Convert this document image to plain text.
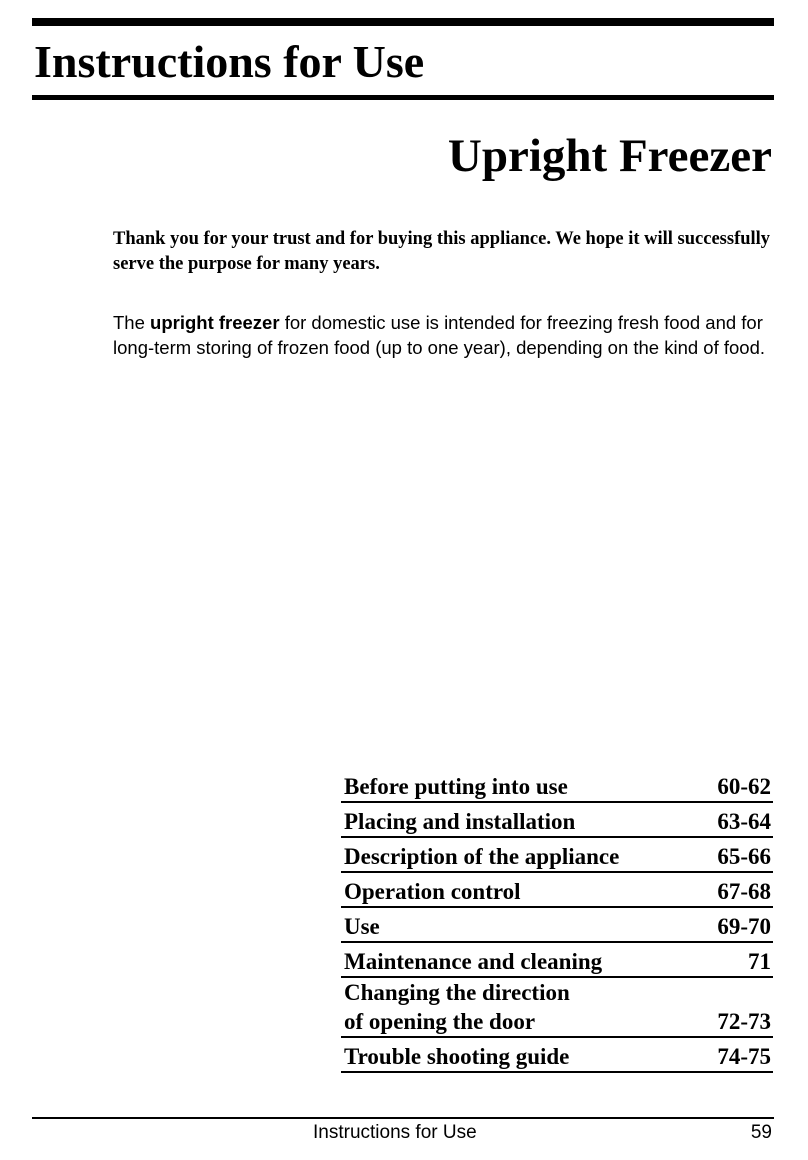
Instructions for Use
Upright Freezer

Thank you for your trust and for buying this appliance. We hope it will successfully serve the purpose for many years.

The upright freezer for domestic use is intended for freezing fresh food and for long-term storing of frozen food (up to one year), depending on the kind of food.

Before putting into use	60-62
Placing and installation	63-64
Description of the appliance	65-66
Operation control	67-68
Use	69-70
Maintenance and cleaning	71
Changing the direction
of opening the door	72-73
Trouble shooting guide	74-75

Instructions for Use	59
